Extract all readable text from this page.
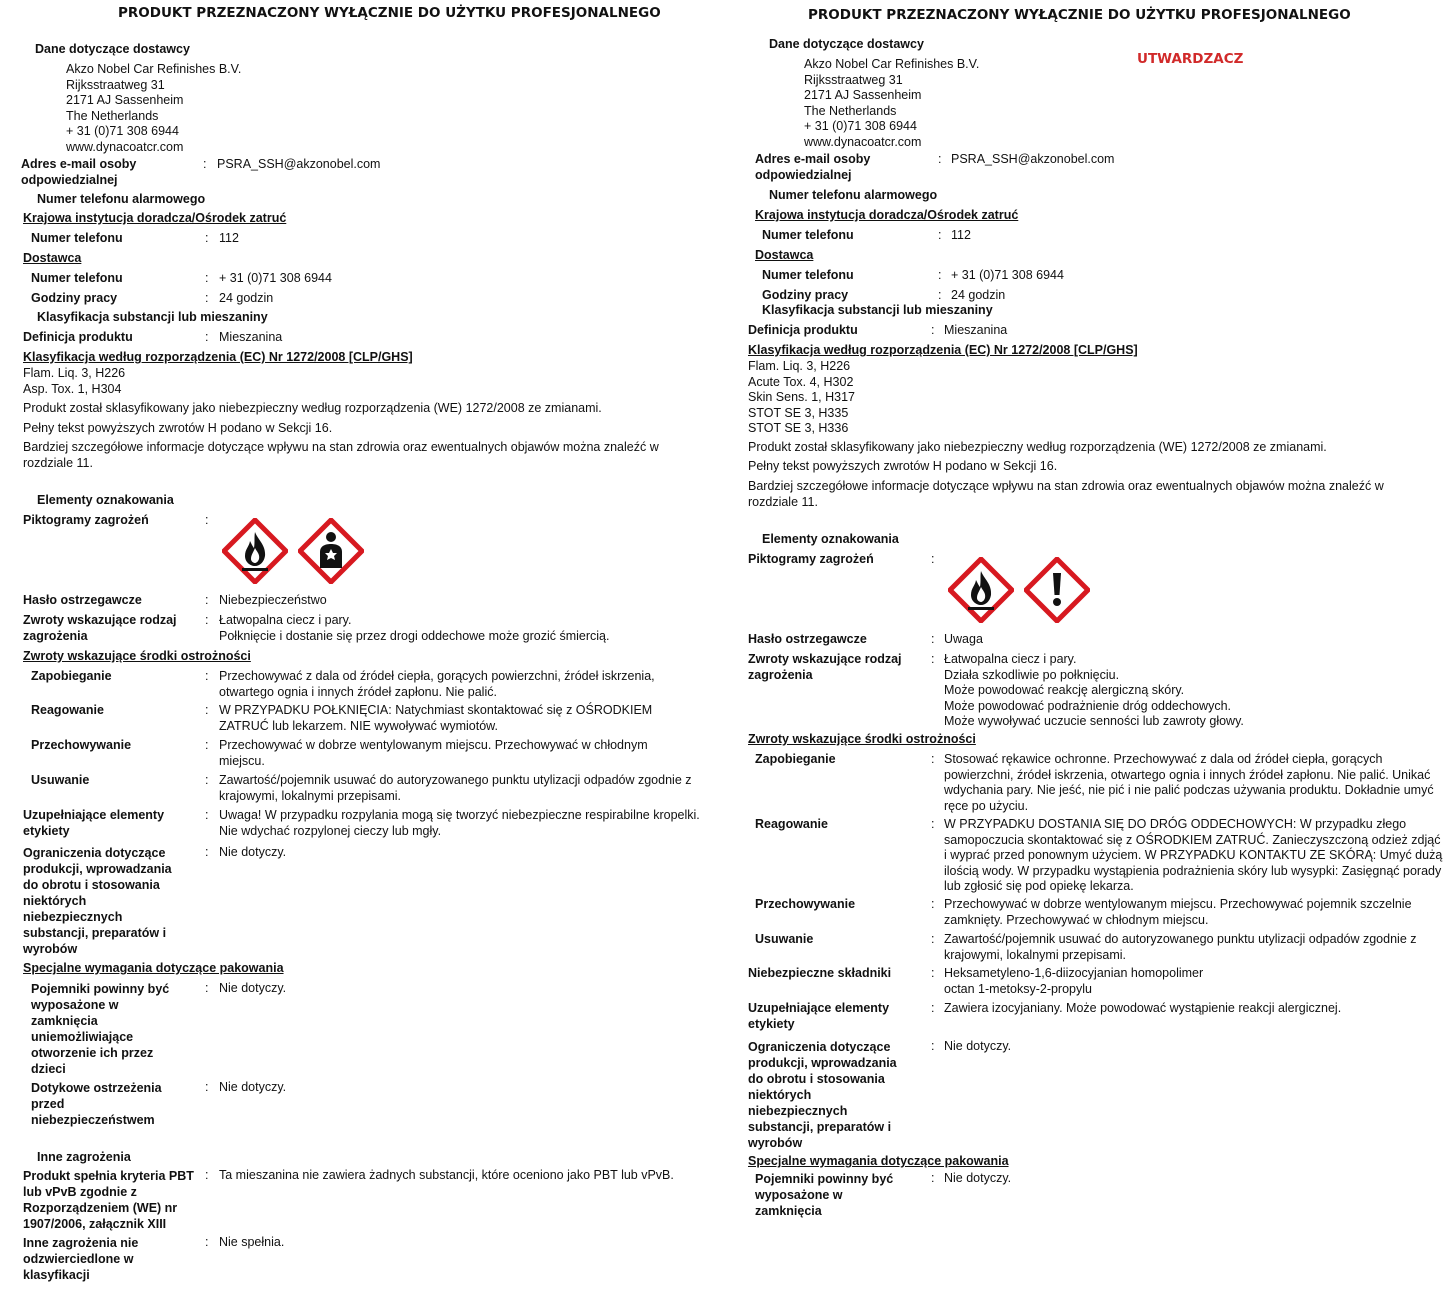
PRODUKT PRZEZNACZONY WYŁĄCZNIE DO UŻYTKU PROFESJONALNEGO
Dane dotyczące dostawcy
Akzo Nobel Car Refinishes B.V.
Rijksstraatweg 31
2171 AJ Sassenheim
The Netherlands
+ 31 (0)71 308 6944
www.dynacoatcr.com
Adres e-mail osoby odpowiedzialnej
: PSRA_SSH@akzonobel.com
Numer telefonu alarmowego
Krajowa instytucja doradcza/Ośrodek zatruć
Numer telefonu	: 112
Dostawca
Numer telefonu	: + 31 (0)71 308 6944
Godziny pracy	: 24 godzin
Klasyfikacja substancji lub mieszaniny
Definicja produktu	: Mieszanina
Klasyfikacja według rozporządzenia (EC) Nr 1272/2008 [CLP/GHS]
Flam. Liq. 3, H226
Asp. Tox. 1, H304
Produkt został sklasyfikowany jako niebezpieczny według rozporządzenia (WE) 1272/2008 ze zmianami.
Pełny tekst powyższych zwrotów H podano w Sekcji 16.
Bardziej szczegółowe informacje dotyczące wpływu na stan zdrowia oraz ewentualnych objawów można znaleźć w rozdziale 11.
Elementy oznakowania
Piktogramy zagrożeń	:
Hasło ostrzegawcze	: Niebezpieczeństwo
Zwroty wskazujące rodzaj zagrożenia
: Łatwopalna ciecz i pary.
Połknięcie i dostanie się przez drogi oddechowe może grozić śmiercią.
Zwroty wskazujące środki ostrożności
Zapobieganie	: Przechowywać z dala od źródeł ciepła, gorących powierzchni, źródeł iskrzenia, otwartego ognia i innych źródeł zapłonu. Nie palić.
Reagowanie	: W PRZYPADKU POŁKNIĘCIA: Natychmiast skontaktować się z OŚRODKIEM ZATRUĆ lub lekarzem. NIE wywoływać wymiotów.
Przechowywanie	: Przechowywać w dobrze wentylowanym miejscu. Przechowywać w chłodnym miejscu.
Usuwanie	: Zawartość/pojemnik usuwać do autoryzowanego punktu utylizacji odpadów zgodnie z krajowymi, lokalnymi przepisami.
Uzupełniające elementy etykiety
: Uwaga! W przypadku rozpylania mogą się tworzyć niebezpieczne respirabilne kropelki. Nie wdychać rozpylonej cieczy lub mgły.
Ograniczenia dotyczące produkcji, wprowadzania do obrotu i stosowania niektórych niebezpiecznych substancji, preparatów i wyrobów
: Nie dotyczy.
Specjalne wymagania dotyczące pakowania
Pojemniki powinny być wyposażone w zamknięcia uniemożliwiające otworzenie ich przez dzieci
: Nie dotyczy.
Dotykowe ostrzeżenia przed niebezpieczeństwem
: Nie dotyczy.
Inne zagrożenia
Produkt spełnia kryteria PBT lub vPvB zgodnie z Rozporządzeniem (WE) nr 1907/2006, załącznik XIII
: Ta mieszanina nie zawiera żadnych substancji, które oceniono jako PBT lub vPvB.
Inne zagrożenia nie odzwierciedlone w klasyfikacji
: Nie spełnia.
PRODUKT PRZEZNACZONY WYŁĄCZNIE DO UŻYTKU PROFESJONALNEGO
UTWARDZACZ
Dane dotyczące dostawcy
Akzo Nobel Car Refinishes B.V.
Rijksstraatweg 31
2171 AJ Sassenheim
The Netherlands
+ 31 (0)71 308 6944
www.dynacoatcr.com
Adres e-mail osoby odpowiedzialnej
: PSRA_SSH@akzonobel.com
Numer telefonu alarmowego
Krajowa instytucja doradcza/Ośrodek zatruć
Numer telefonu	: 112
Dostawca
Numer telefonu	: + 31 (0)71 308 6944
Godziny pracy	: 24 godzin
Klasyfikacja substancji lub mieszaniny
Definicja produktu	: Mieszanina
Klasyfikacja według rozporządzenia (EC) Nr 1272/2008 [CLP/GHS]
Flam. Liq. 3, H226
Acute Tox. 4, H302
Skin Sens. 1, H317
STOT SE 3, H335
STOT SE 3, H336
Produkt został sklasyfikowany jako niebezpieczny według rozporządzenia (WE) 1272/2008 ze zmianami.
Pełny tekst powyższych zwrotów H podano w Sekcji 16.
Bardziej szczegółowe informacje dotyczące wpływu na stan zdrowia oraz ewentualnych objawów można znaleźć w rozdziale 11.
Elementy oznakowania
Piktogramy zagrożeń	:
Hasło ostrzegawcze	: Uwaga
Zwroty wskazujące rodzaj zagrożenia
: Łatwopalna ciecz i pary.
Działa szkodliwie po połknięciu.
Może powodować reakcję alergiczną skóry.
Może powodować podrażnienie dróg oddechowych.
Może wywoływać uczucie senności lub zawroty głowy.
Zwroty wskazujące środki ostrożności
Zapobieganie	: Stosować rękawice ochronne. Przechowywać z dala od źródeł ciepła, gorących powierzchni, źródeł iskrzenia, otwartego ognia i innych źródeł zapłonu. Nie palić. Unikać wdychania pary. Nie jeść, nie pić i nie palić podczas używania produktu. Dokładnie umyć ręce po użyciu.
Reagowanie	: W PRZYPADKU DOSTANIA SIĘ DO DRÓG ODDECHOWYCH: W przypadku złego samopoczucia skontaktować się z OŚRODKIEM ZATRUĆ. Zanieczyszczoną odzież zdjąć i wyprać przed ponownym użyciem. W PRZYPADKU KONTAKTU ZE SKÓRĄ: Umyć dużą ilością wody. W przypadku wystąpienia podrażnienia skóry lub wysypki: Zasięgnąć porady lub zgłosić się pod opiekę lekarza.
Przechowywanie	: Przechowywać w dobrze wentylowanym miejscu. Przechowywać pojemnik szczelnie zamknięty. Przechowywać w chłodnym miejscu.
Usuwanie	: Zawartość/pojemnik usuwać do autoryzowanego punktu utylizacji odpadów zgodnie z krajowymi, lokalnymi przepisami.
Niebezpieczne składniki	: Heksametyleno-1,6-diizocyjanian homopolimer
octan 1-metoksy-2-propylu
Uzupełniające elementy etykiety
: Zawiera izocyjaniany. Może powodować wystąpienie reakcji alergicznej.
Ograniczenia dotyczące produkcji, wprowadzania do obrotu i stosowania niektórych niebezpiecznych substancji, preparatów i wyrobów
: Nie dotyczy.
Specjalne wymagania dotyczące pakowania
Pojemniki powinny być wyposażone w zamknięcia
: Nie dotyczy.
